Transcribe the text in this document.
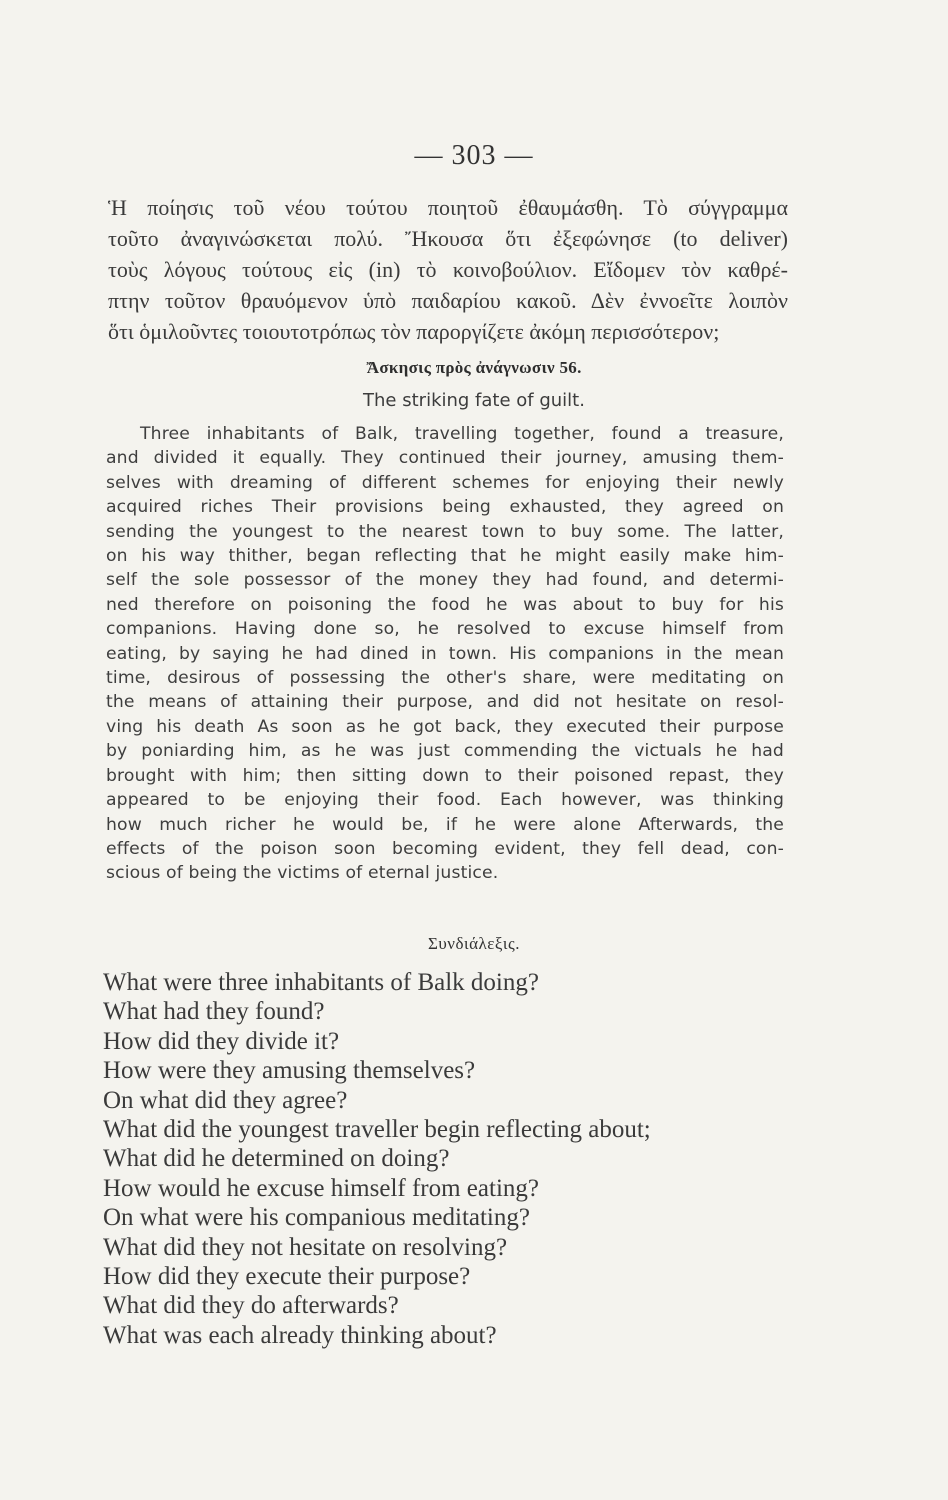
— 303 —

Ἡ ποίησις τοῦ νέου τούτου ποιητοῦ ἐθαυμάσθη. Τὸ σύγγραμμα

τοῦτο ἀναγινώσκεται πολύ. Ἤκουσα ὅτι ἐξεφώνησε (to deliver)

τοὺς λόγους τούτους εἰς (in) τὸ κοινοβούλιον. Εἴδομεν τὸν καθρέ-

πτην τοῦτον θραυόμενον ὑπὸ παιδαρίου κακοῦ. Δὲν ἐννοεῖτε λοιπὸν

ὅτι ὁμιλοῦντες τοιουτοτρόπως τὸν παροργίζετε ἀκόμη περισσότερον;

Ἄσκησις πρὸς ἀνάγνωσιν 56.
The striking fate of guilt.

Three inhabitants of Balk, travelling together, found a treasure,

and divided it equally. They continued their journey, amusing them-

selves with dreaming of different schemes for enjoying their newly

acquired riches Their provisions being exhausted, they agreed on

sending the youngest to the nearest town to buy some. The latter,

on his way thither, began reflecting that he might easily make him-

self the sole possessor of the money they had found, and determi-

ned therefore on poisoning the food he was about to buy for his

companions. Having done so, he resolved to excuse himself from

eating, by saying he had dined in town. His companions in the mean

time, desirous of possessing the other's share, were meditating on

the means of attaining their purpose, and did not hesitate on resol-

ving his death As soon as he got back, they executed their purpose

by poniarding him, as he was just commending the victuals he had

brought with him; then sitting down to their poisoned repast, they

appeared to be enjoying their food. Each however, was thinking

how much richer he would be, if he were alone Afterwards, the

effects of the poison soon becoming evident, they fell dead, con-

scious of being the victims of eternal justice.

Συνδιάλεξις.
What were three inhabitants of Balk doing?
What had they found?
How did they divide it?
How were they amusing themselves?
On what did they agree?
What did the youngest traveller begin reflecting about;
What did he determined on doing?
How would he excuse himself from eating?
On what were his companious meditating?
What did they not hesitate on resolving?
How did they execute their purpose?
What did they do afterwards?
What was each already thinking about?
